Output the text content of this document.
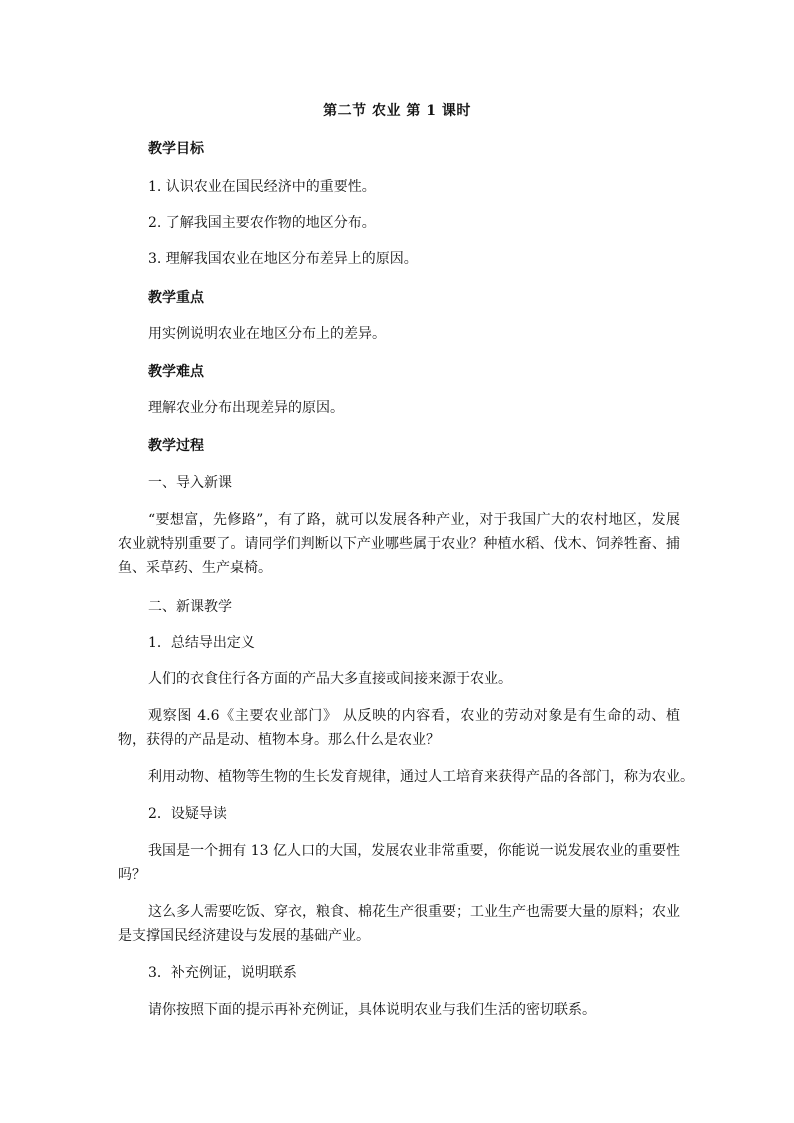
第二节 农业 第 1 课时
教学目标
1. 认识农业在国民经济中的重要性。
2. 了解我国主要农作物的地区分布。
3. 理解我国农业在地区分布差异上的原因。
教学重点
用实例说明农业在地区分布上的差异。
教学难点
理解农业分布出现差异的原因。
教学过程
一、导入新课
“要想富，先修路”，有了路，就可以发展各种产业，对于我国广大的农村地区，发展农业就特别重要了。请同学们判断以下产业哪些属于农业？种植水稻、伐木、饲养牲畜、捕鱼、采草药、生产桌椅。
二、新课教学
1．总结导出定义
人们的衣食住行各方面的产品大多直接或间接来源于农业。
观察图 4.6《主要农业部门》 从反映的内容看，农业的劳动对象是有生命的动、植物，获得的产品是动、植物本身。那么什么是农业？
利用动物、植物等生物的生长发育规律，通过人工培育来获得产品的各部门，称为农业。
2．设疑导读
我国是一个拥有 13 亿人口的大国，发展农业非常重要，你能说一说发展农业的重要性吗？
这么多人需要吃饭、穿衣，粮食、棉花生产很重要；工业生产也需要大量的原料；农业是支撑国民经济建设与发展的基础产业。
3．补充例证，说明联系
请你按照下面的提示再补充例证，具体说明农业与我们生活的密切联系。
